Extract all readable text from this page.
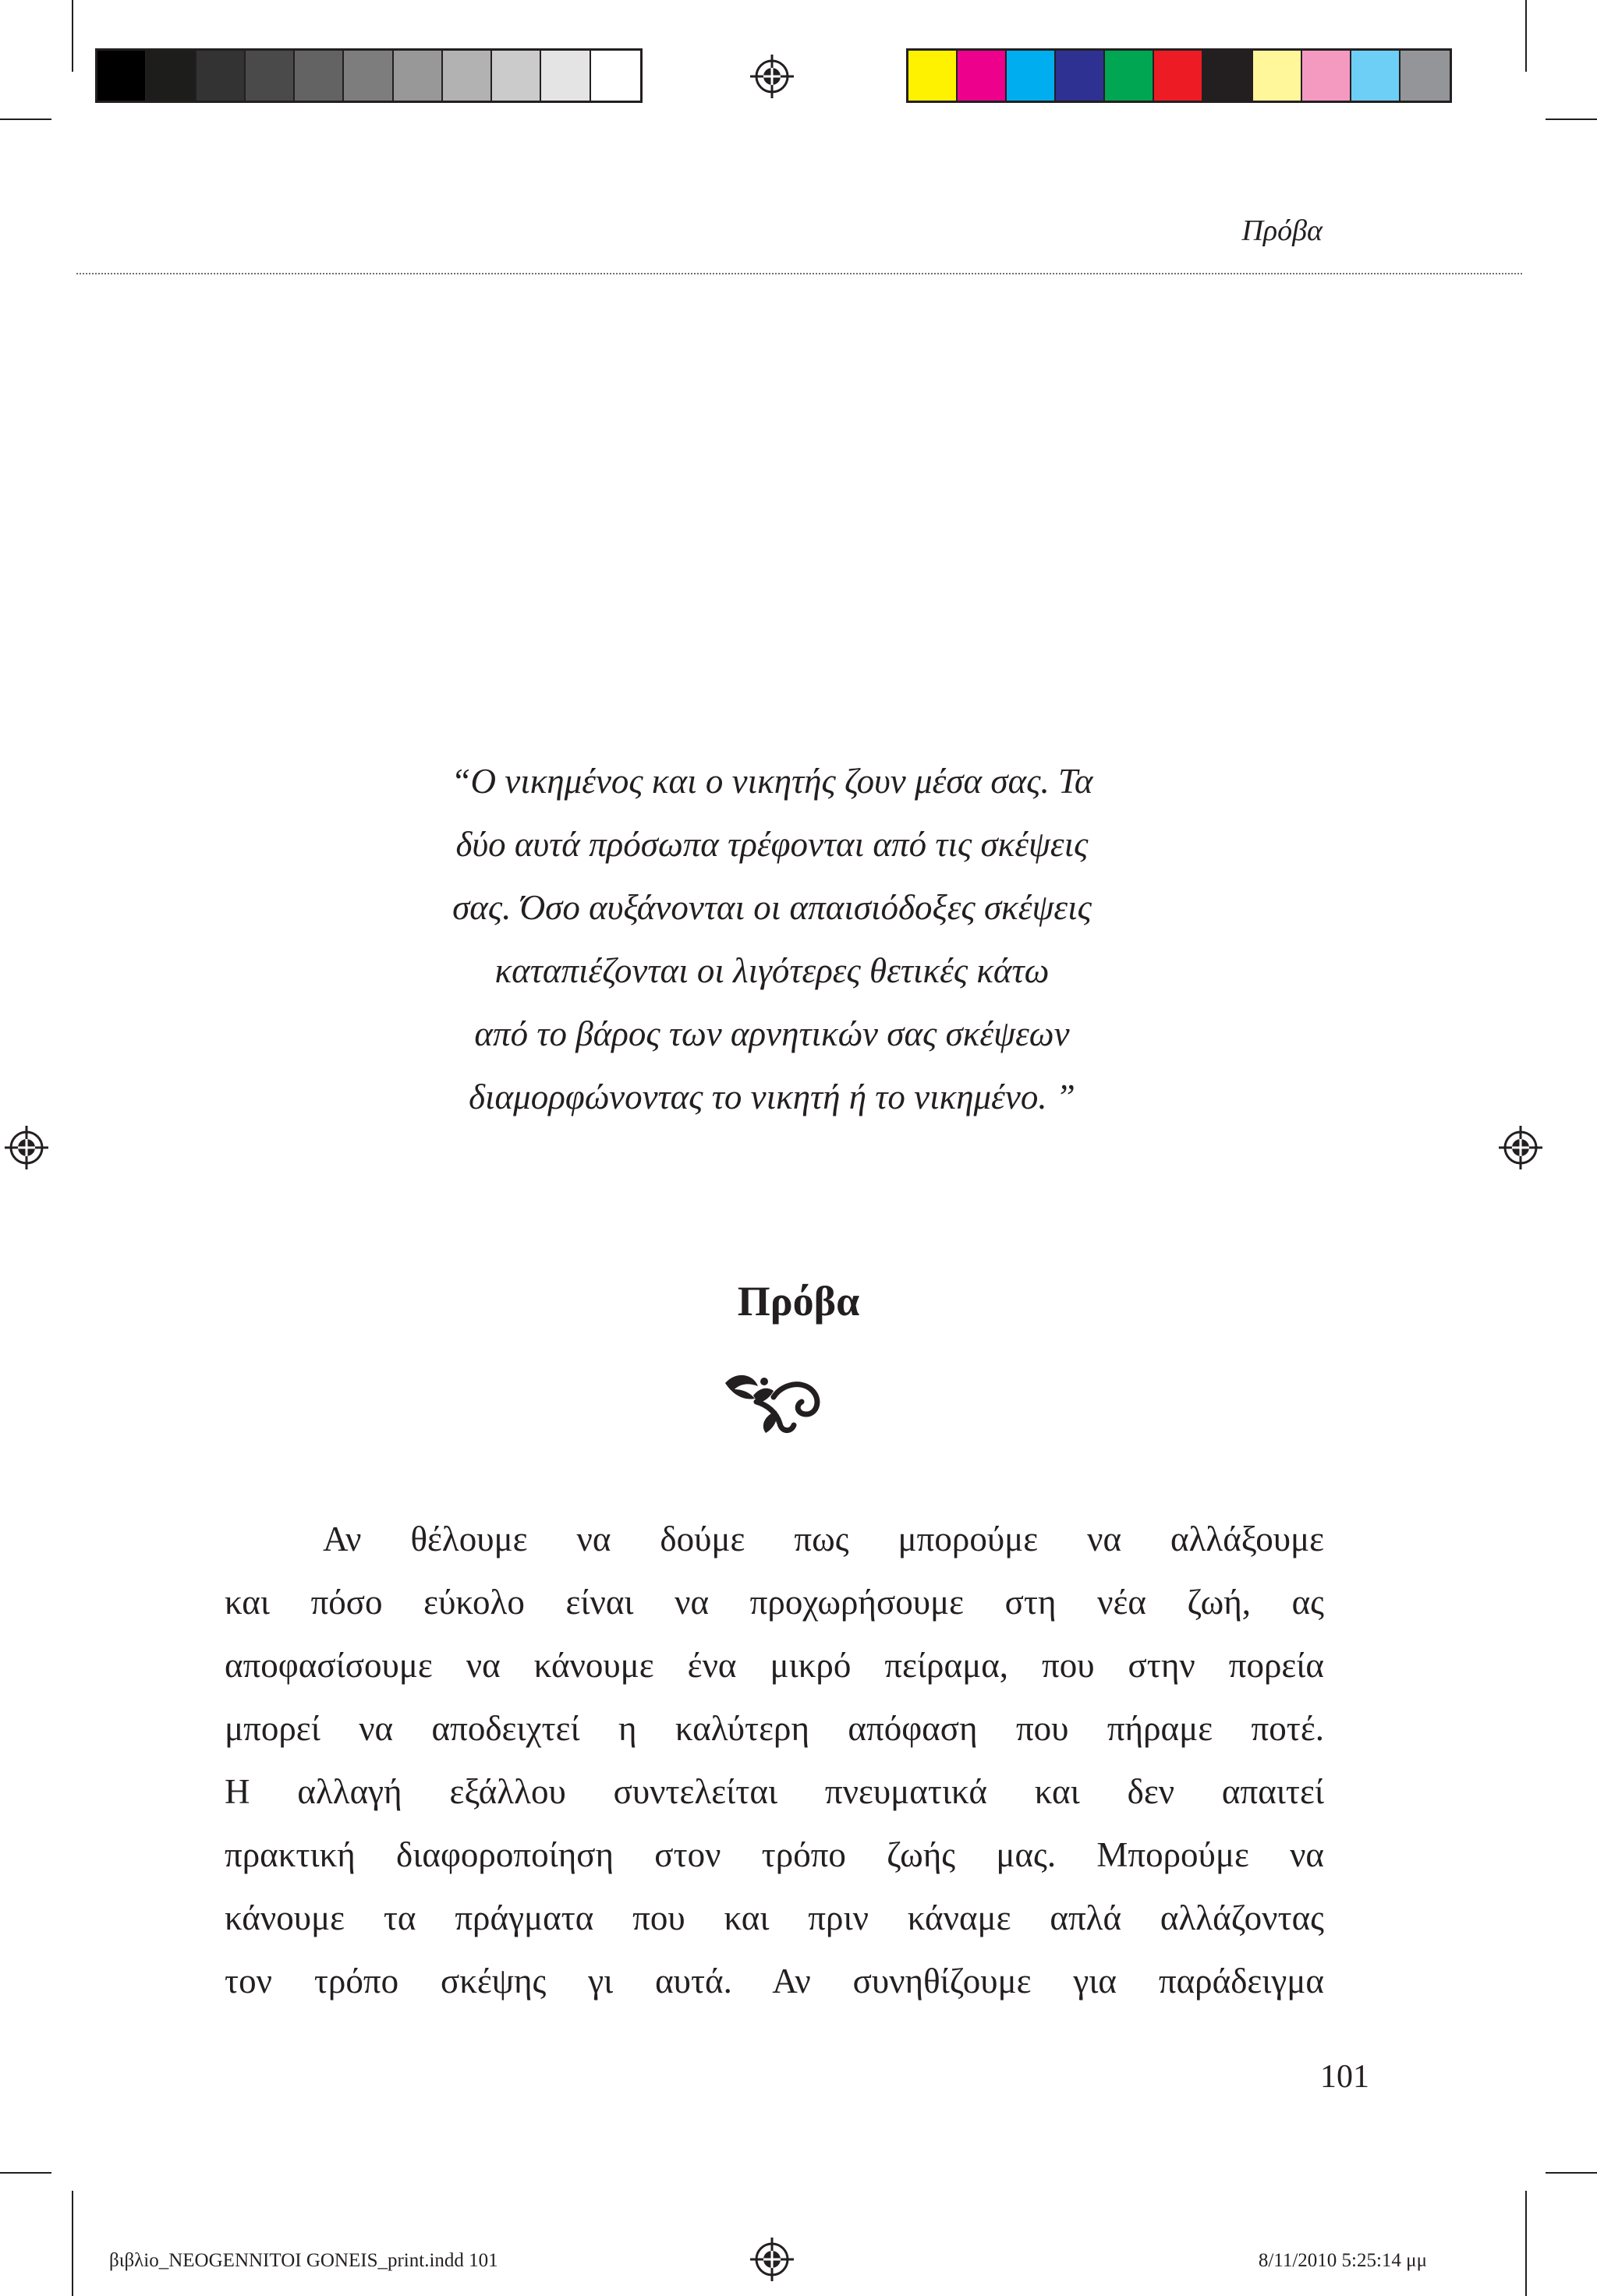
Πρόβα
“Ο νικημένος και ο νικητής ζουν μέσα σας. Τα
δύο αυτά πρόσωπα τρέφονται από τις σκέψεις
σας. Όσο αυξάνονται οι απαισιόδοξες σκέψεις
καταπιέζονται οι λιγότερες θετικές κάτω
από το βάρος των αρνητικών σας σκέψεων
διαμορφώνοντας το νικητή ή το νικημένο. ”
Πρόβα
Αν θέλουμε να δούμε πως μπορούμε να αλλάξουμε
και πόσο εύκολο είναι να προχωρήσουμε στη νέα ζωή, ας
αποφασίσουμε να κάνουμε ένα μικρό πείραμα, που στην πορεία
μπορεί να αποδειχτεί η καλύτερη απόφαση που πήραμε ποτέ.
Η αλλαγή εξάλλου συντελείται πνευματικά και δεν απαιτεί
πρακτική διαφοροποίηση στον τρόπο ζωής μας. Μπορούμε να
κάνουμε τα πράγματα που και πριν κάναμε απλά αλλάζοντας
τον τρόπο σκέψης γι αυτά. Αν συνηθίζουμε για παράδειγμα
101
βιβλio_NEOGENNITOI GONEIS_print.indd 101	8/11/2010 5:25:14 μμ
